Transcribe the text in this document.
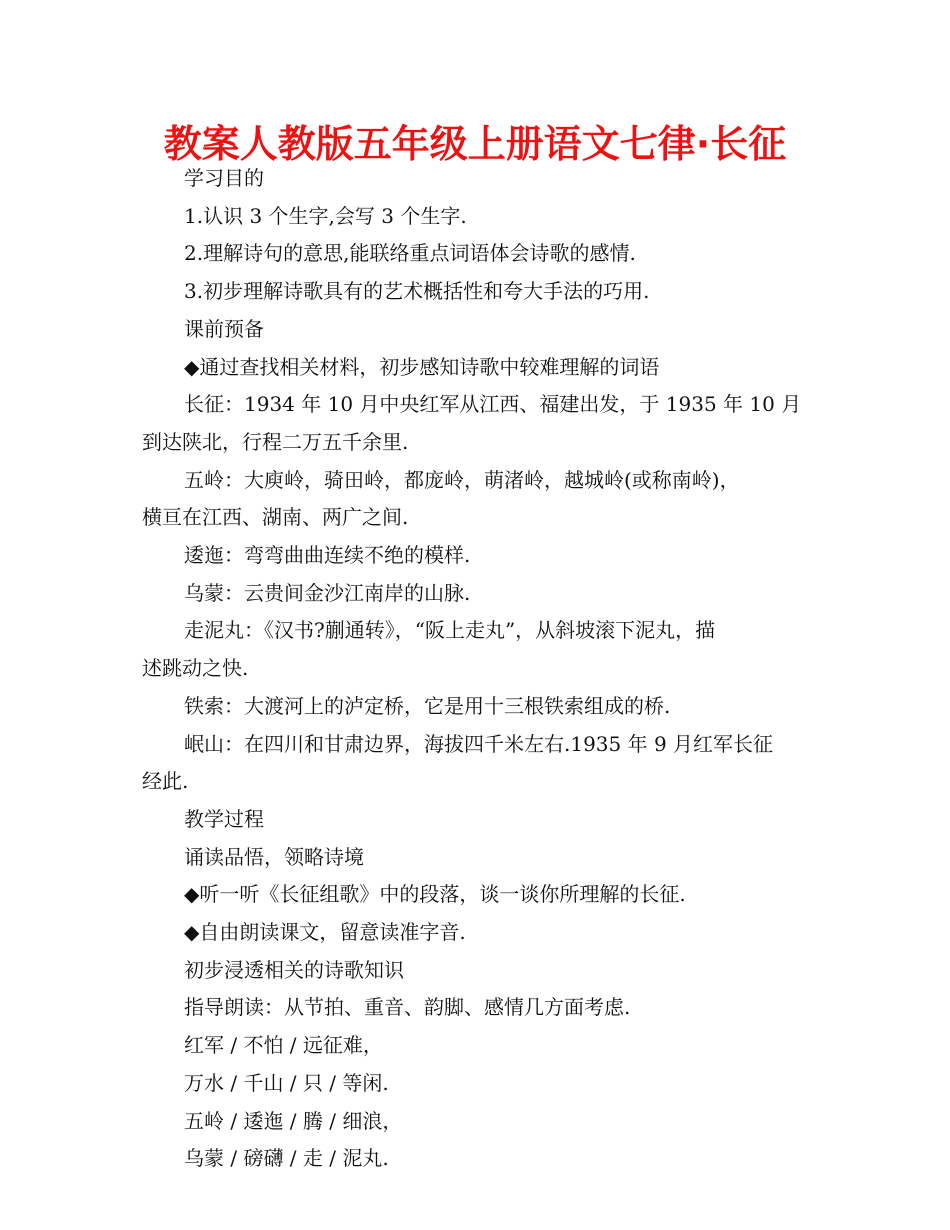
教案人教版五年级上册语文七律·长征
学习目的
1.认识 3 个生字,会写 3 个生字.
2.理解诗句的意思,能联络重点词语体会诗歌的感情.
3.初步理解诗歌具有的艺术概括性和夸大手法的巧用.
课前预备
◆通过查找相关材料，初步感知诗歌中较难理解的词语
长征：1934 年 10 月中央红军从江西、福建出发，于 1935 年 10 月
到达陕北，行程二万五千余里.
五岭：大庾岭，骑田岭，都庞岭，萌渚岭，越城岭(或称南岭)，
横亘在江西、湖南、两广之间.
逶迤：弯弯曲曲连续不绝的模样.
乌蒙：云贵间金沙江南岸的山脉.
走泥丸：《汉书?蒯通转》，“阪上走丸”，从斜坡滚下泥丸，描
述跳动之快.
铁索：大渡河上的泸定桥，它是用十三根铁索组成的桥.
岷山：在四川和甘肃边界，海拔四千米左右.1935 年 9 月红军长征
经此.
教学过程
诵读品悟，领略诗境
◆听一听《长征组歌》中的段落，谈一谈你所理解的长征.
◆自由朗读课文，留意读准字音.
初步浸透相关的诗歌知识
指导朗读：从节拍、重音、韵脚、感情几方面考虑.
红军 / 不怕 / 远征难，
万水 / 千山 / 只 / 等闲.
五岭 / 逶迤 / 腾 / 细浪，
乌蒙 / 磅礴 / 走 / 泥丸.
